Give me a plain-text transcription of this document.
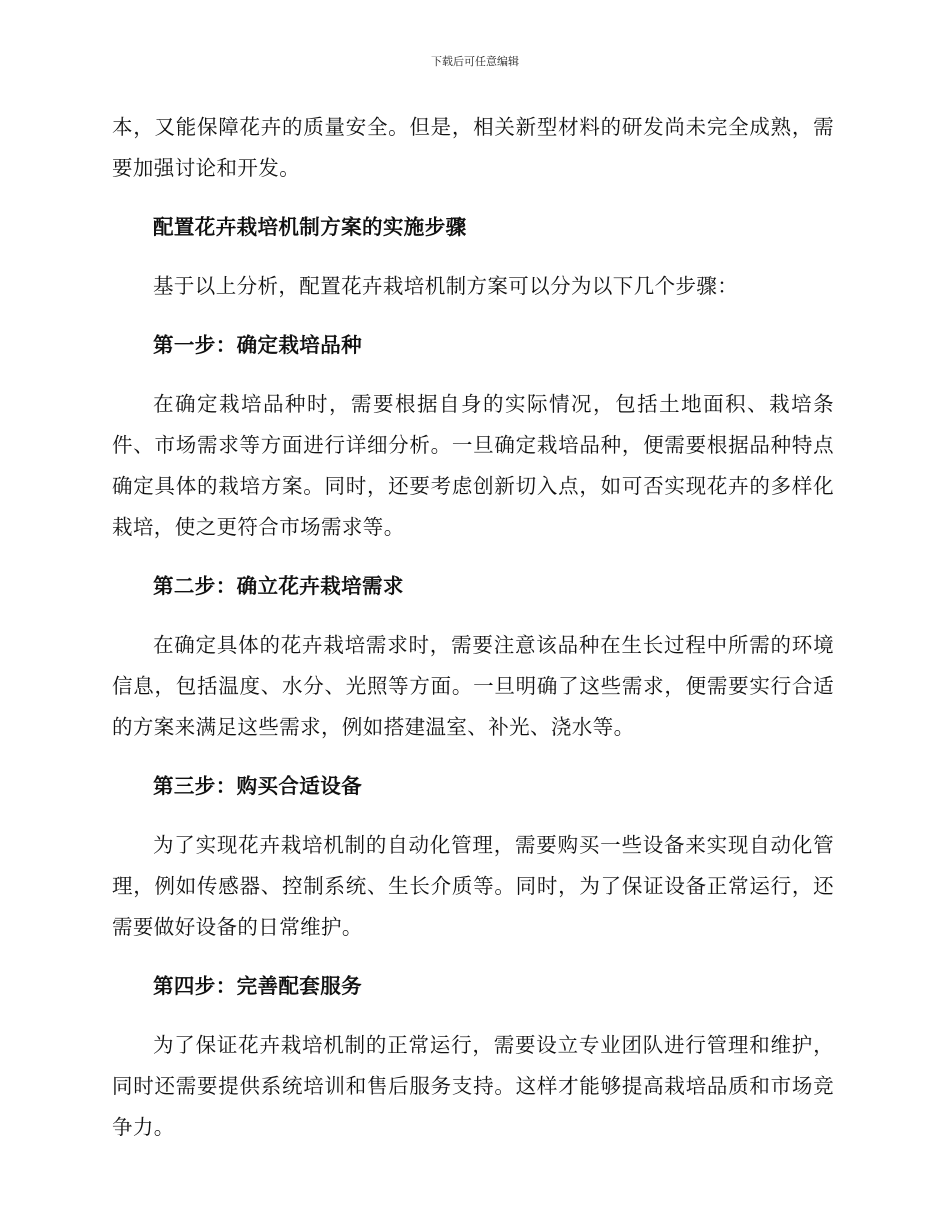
下载后可任意编辑

本，又能保障花卉的质量安全。但是，相关新型材料的研发尚未完全成熟，需要加强讨论和开发。

配置花卉栽培机制方案的实施步骤

基于以上分析，配置花卉栽培机制方案可以分为以下几个步骤：

第一步：确定栽培品种

在确定栽培品种时，需要根据自身的实际情况，包括土地面积、栽培条件、市场需求等方面进行详细分析。一旦确定栽培品种，便需要根据品种特点确定具体的栽培方案。同时，还要考虑创新切入点，如可否实现花卉的多样化栽培，使之更符合市场需求等。

第二步：确立花卉栽培需求

在确定具体的花卉栽培需求时，需要注意该品种在生长过程中所需的环境信息，包括温度、水分、光照等方面。一旦明确了这些需求，便需要实行合适的方案来满足这些需求，例如搭建温室、补光、浇水等。

第三步：购买合适设备

为了实现花卉栽培机制的自动化管理，需要购买一些设备来实现自动化管理，例如传感器、控制系统、生长介质等。同时，为了保证设备正常运行，还需要做好设备的日常维护。

第四步：完善配套服务

为了保证花卉栽培机制的正常运行，需要设立专业团队进行管理和维护，同时还需要提供系统培训和售后服务支持。这样才能够提高栽培品质和市场竞争力。
